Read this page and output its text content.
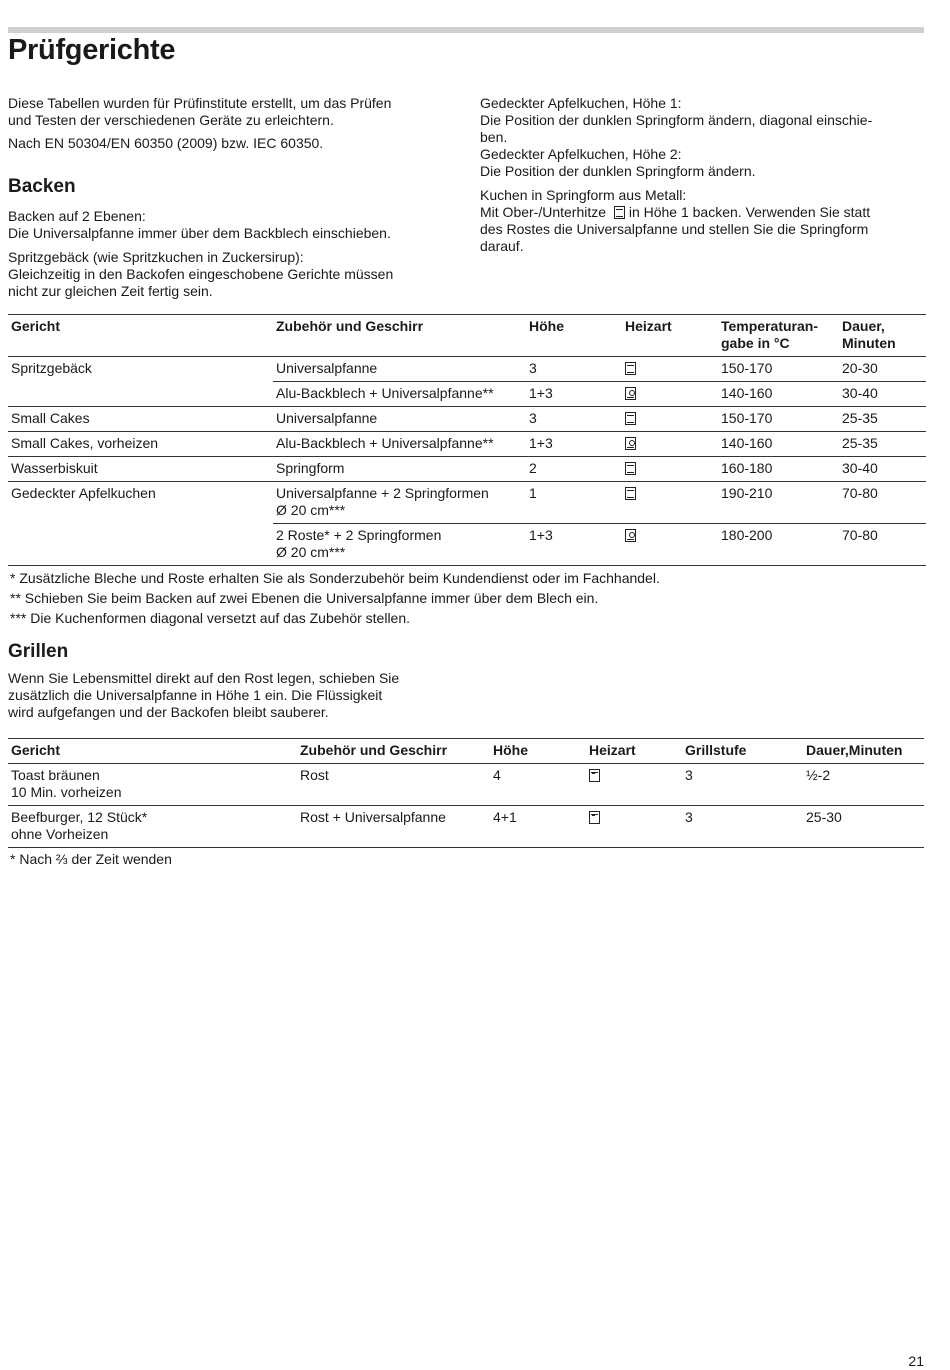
Prüfgerichte
Diese Tabellen wurden für Prüfinstitute erstellt, um das Prüfen
und Testen der verschiedenen Geräte zu erleichtern.
Nach EN 50304/EN 60350 (2009) bzw. IEC 60350.
Backen
Backen auf 2 Ebenen:
Die Universalpfanne immer über dem Backblech einschieben.
Spritzgebäck (wie Spritzkuchen in Zuckersirup):
Gleichzeitig in den Backofen eingeschobene Gerichte müssen
nicht zur gleichen Zeit fertig sein.
Gedeckter Apfelkuchen, Höhe 1:
Die Position der dunklen Springform ändern, diagonal einschie-
ben.
Gedeckter Apfelkuchen, Höhe 2:
Die Position der dunklen Springform ändern.
Kuchen in Springform aus Metall:
Mit Ober-/Unterhitze in Höhe 1 backen. Verwenden Sie statt
des Rostes die Universalpfanne und stellen Sie die Springform
darauf.
Gericht	Zubehör und Geschirr	Höhe	Heizart	Temperaturan-
gabe in °C	Dauer,
Minuten
Spritzgebäck	Universalpfanne	3		150-170	20-30
	Alu-Backblech + Universalpfanne**	1+3		140-160	30-40
Small Cakes	Universalpfanne	3		150-170	25-35
Small Cakes, vorheizen	Alu-Backblech + Universalpfanne**	1+3		140-160	25-35
Wasserbiskuit	Springform	2		160-180	30-40
Gedeckter Apfelkuchen	Universalpfanne + 2 Springformen
Ø 20 cm***	1		190-210	70-80
	2 Roste* + 2 Springformen
Ø 20 cm***	1+3		180-200	70-80
* Zusätzliche Bleche und Roste erhalten Sie als Sonderzubehör beim Kundendienst oder im Fachhandel.
** Schieben Sie beim Backen auf zwei Ebenen die Universalpfanne immer über dem Blech ein.
*** Die Kuchenformen diagonal versetzt auf das Zubehör stellen.
Grillen
Wenn Sie Lebensmittel direkt auf den Rost legen, schieben Sie
zusätzlich die Universalpfanne in Höhe 1 ein. Die Flüssigkeit
wird aufgefangen und der Backofen bleibt sauberer.
Gericht	Zubehör und Geschirr	Höhe	Heizart	Grillstufe	Dauer,Minuten
Toast bräunen
10 Min. vorheizen	Rost	4		3	½-2
Beefburger, 12 Stück*
ohne Vorheizen	Rost + Universalpfanne	4+1		3	25-30
* Nach ⅔ der Zeit wenden
21
